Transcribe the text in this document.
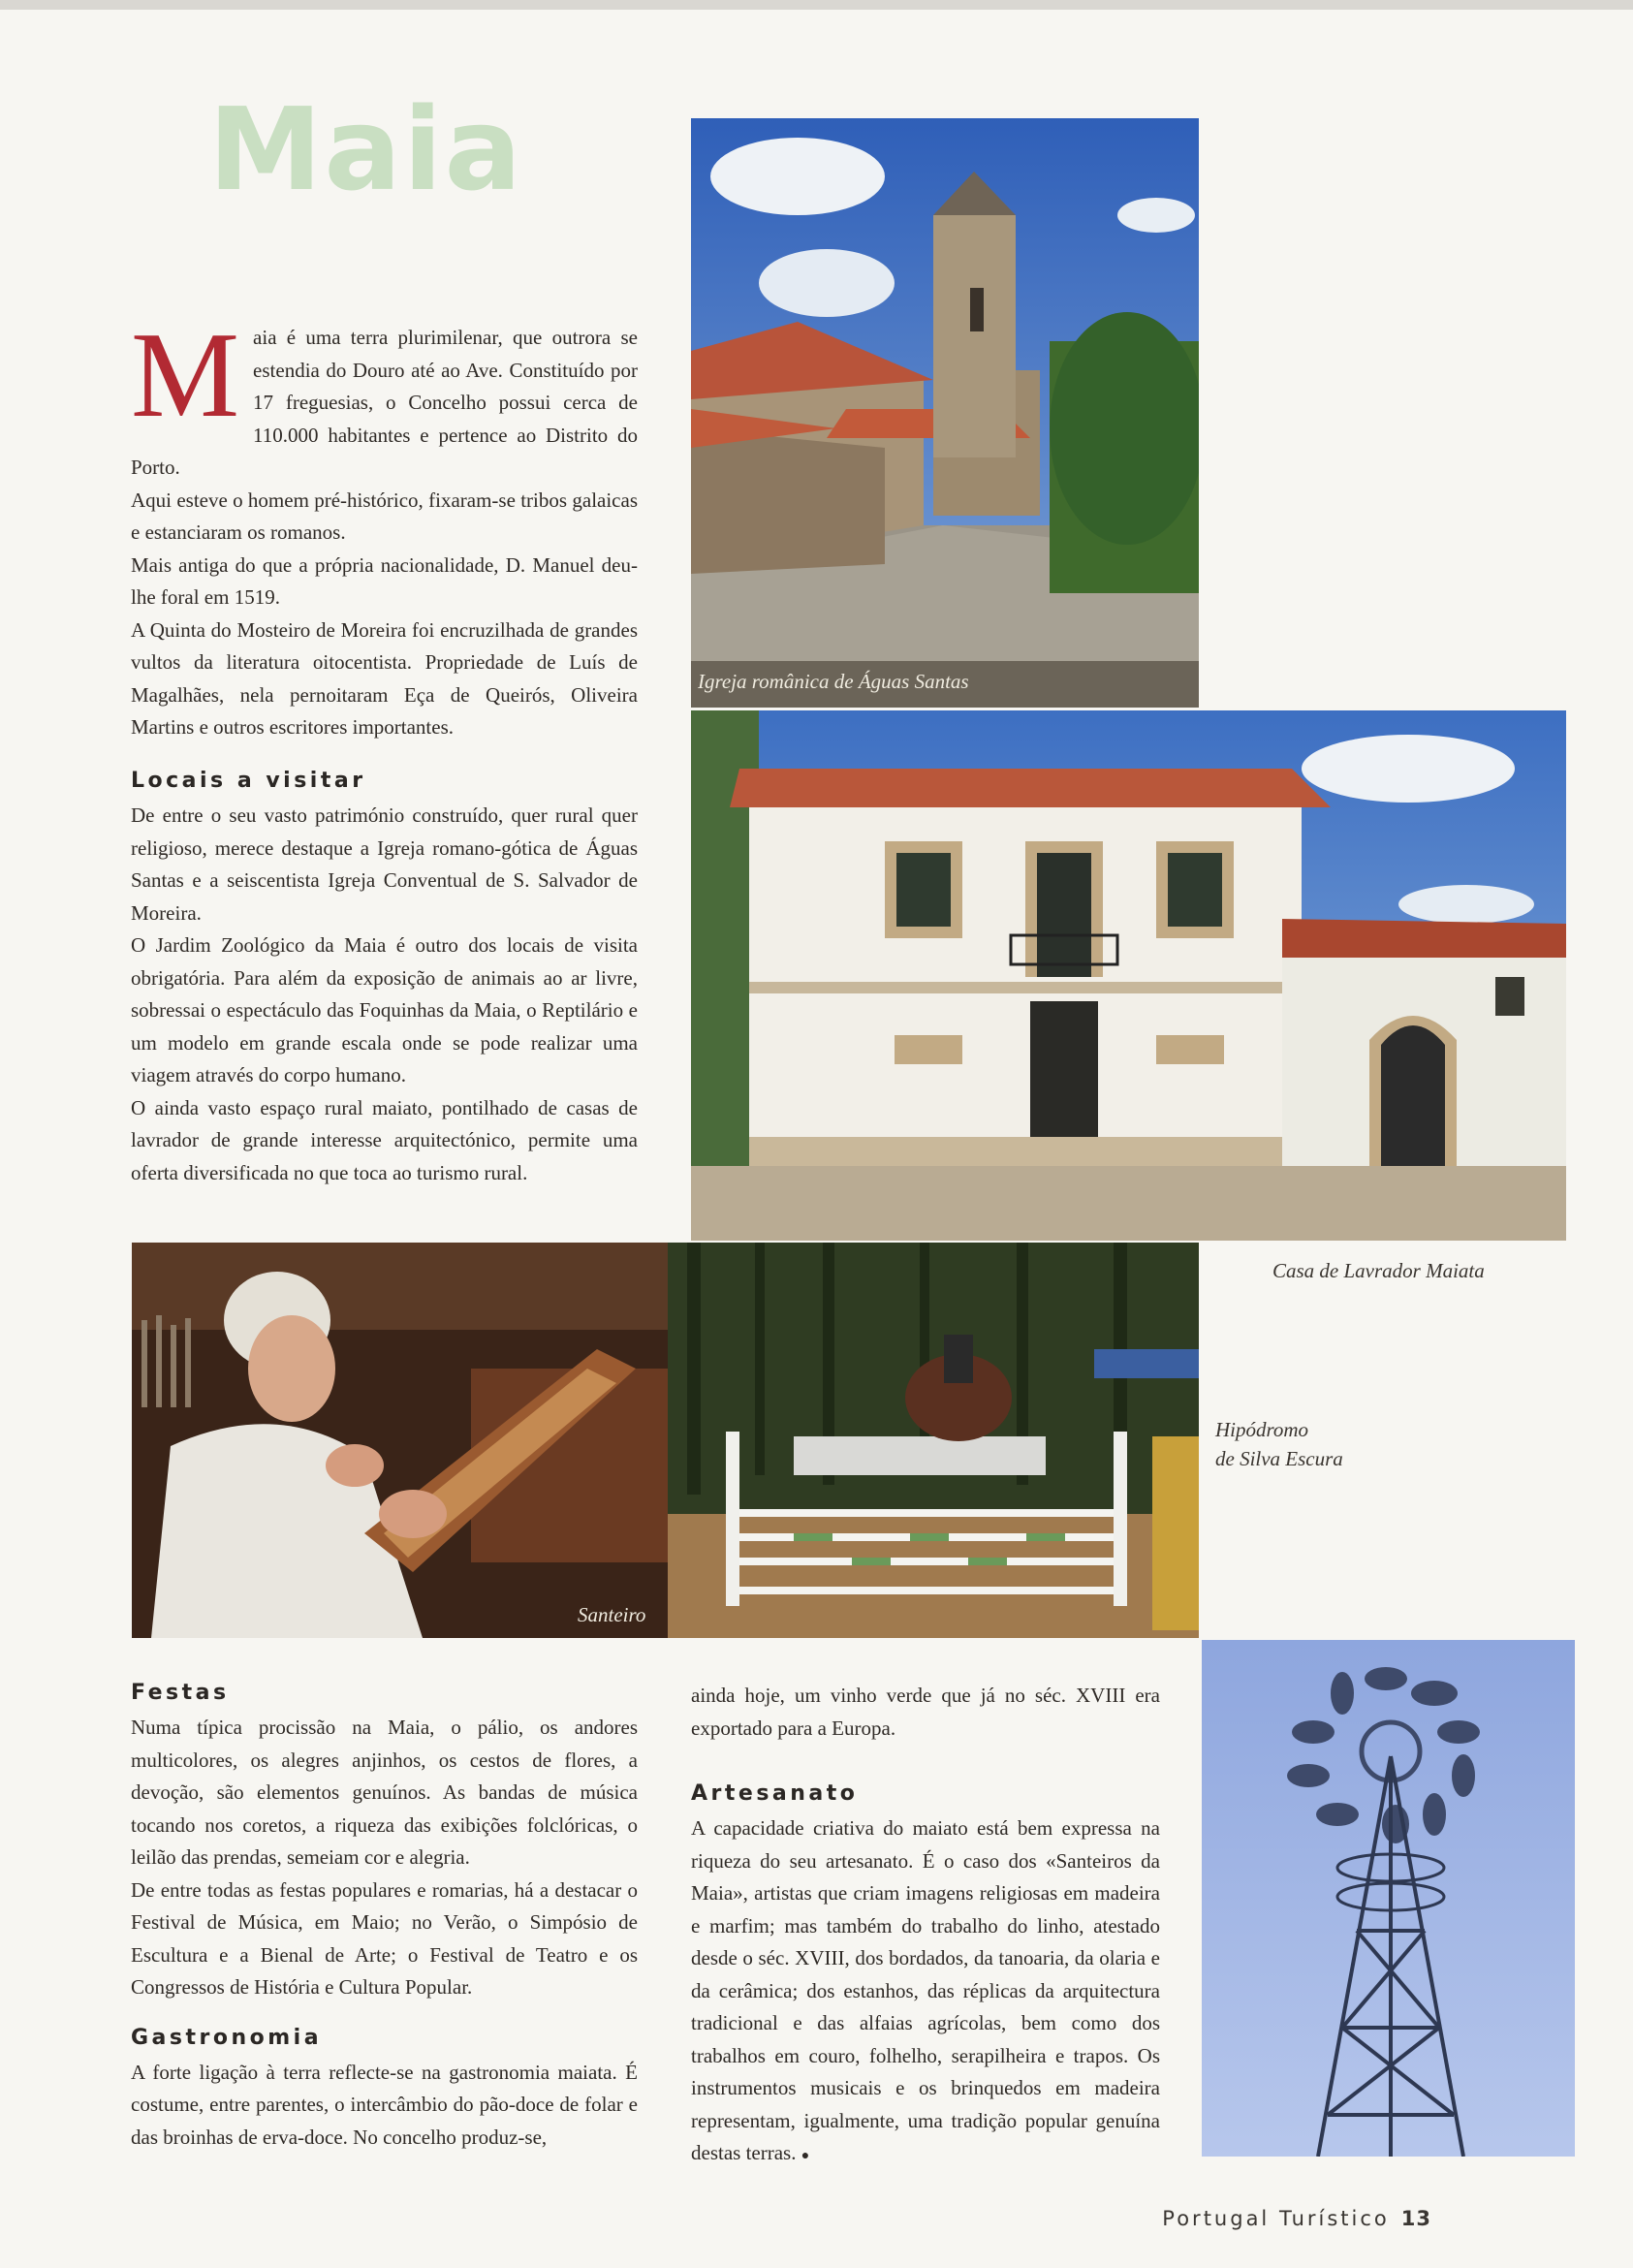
Maia
M aia é uma terra plurimilenar, que outrora se estendia do Douro até ao Ave. Constituído por 17 freguesias, o Concelho possui cerca de 110.000 habitantes e pertence ao Distrito do Porto.

Aqui esteve o homem pré-histórico, fixaram-se tribos galaicas e estanciaram os romanos.

Mais antiga do que a própria nacionalidade, D. Manuel deu-lhe foral em 1519.

A Quinta do Mosteiro de Moreira foi encruzilhada de grandes vultos da literatura oitocentista. Propriedade de Luís de Magalhães, nela pernoitaram Eça de Queirós, Oliveira Martins e outros escritores importantes.

Locais a visitar

De entre o seu vasto património construído, quer rural quer religioso, merece destaque a Igreja romano-gótica de Águas Santas e a seiscentista Igreja Conventual de S. Salvador de Moreira.

O Jardim Zoológico da Maia é outro dos locais de visita obrigatória. Para além da exposição de animais ao ar livre, sobressai o espectáculo das Foquinhas da Maia, o Reptilário e um modelo em grande escala onde se pode realizar uma viagem através do corpo humano.

O ainda vasto espaço rural maiato, pontilhado de casas de lavrador de grande interesse arquitectónico, permite uma oferta diversificada no que toca ao turismo rural.

Igreja românica de Águas Santas
Casa de Lavrador Maiata
Santeiro
Hipódromo
de Silva Escura
Festas

Numa típica procissão na Maia, o pálio, os andores multicolores, os alegres anjinhos, os cestos de flores, a devoção, são elementos genuínos. As bandas de música tocando nos coretos, a riqueza das exibições folclóricas, o leilão das prendas, semeiam cor e alegria.

De entre todas as festas populares e romarias, há a destacar o Festival de Música, em Maio; no Verão, o Simpósio de Escultura e a Bienal de Arte; o Festival de Teatro e os Congressos de História e Cultura Popular.

Gastronomia

A forte ligação à terra reflecte-se na gastronomia maiata. É costume, entre parentes, o intercâmbio do pão-doce de folar e das broinhas de erva-doce. No concelho produz-se,

ainda hoje, um vinho verde que já no séc. XVIII era exportado para a Europa.

Artesanato

A capacidade criativa do maiato está bem expressa na riqueza do seu artesanato. É o caso dos «Santeiros da Maia», artistas que criam imagens religiosas em madeira e marfim; mas também do trabalho do linho, atestado desde o séc. XVIII, dos bordados, da tanoaria, da olaria e da cerâmica; dos estanhos, das réplicas da arquitectura tradicional e das alfaias agrícolas, bem como dos trabalhos em couro, folhelho, serapilheira e trapos. Os instrumentos musicais e os brinquedos em madeira representam, igualmente, uma tradição popular genuína destas terras. ●

Portugal Turístico 13
